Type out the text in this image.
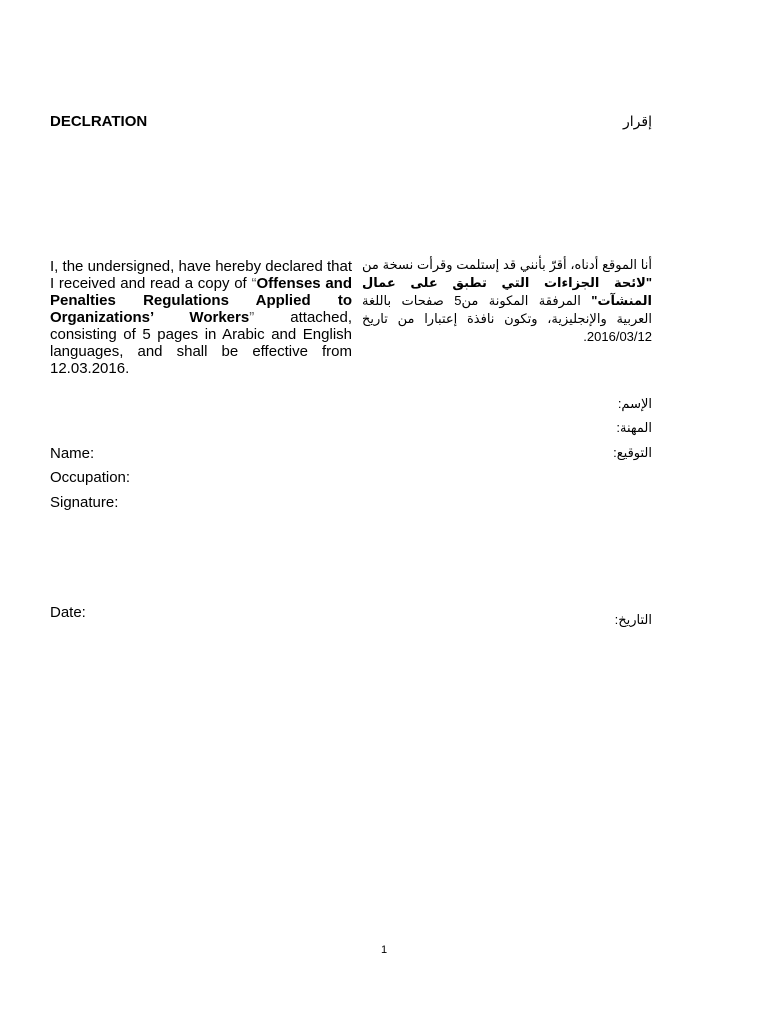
DECLRATION	إقرار
I, the undersigned, have hereby declared that I received and read a copy of “Offenses and Penalties Regulations Applied to Organizations’ Workers” attached, consisting of 5 pages in Arabic and English languages, and shall be effective from 12.03.2016.
أنا الموقع أدناه، أقرّ بأنني قد إستلمت وقرأت نسخة من "لائحة الجزاءات التي تطبق على عمال المنشآت" المرفقة المكونة من5 صفحات باللغة العربية والإنجليزية، وتكون نافذة إعتبارا من تاريخ 2016/03/12.
الإسم:
المهنة:
التوقيع:
Name:
Occupation:
Signature:
Date:	التاريخ:
1
